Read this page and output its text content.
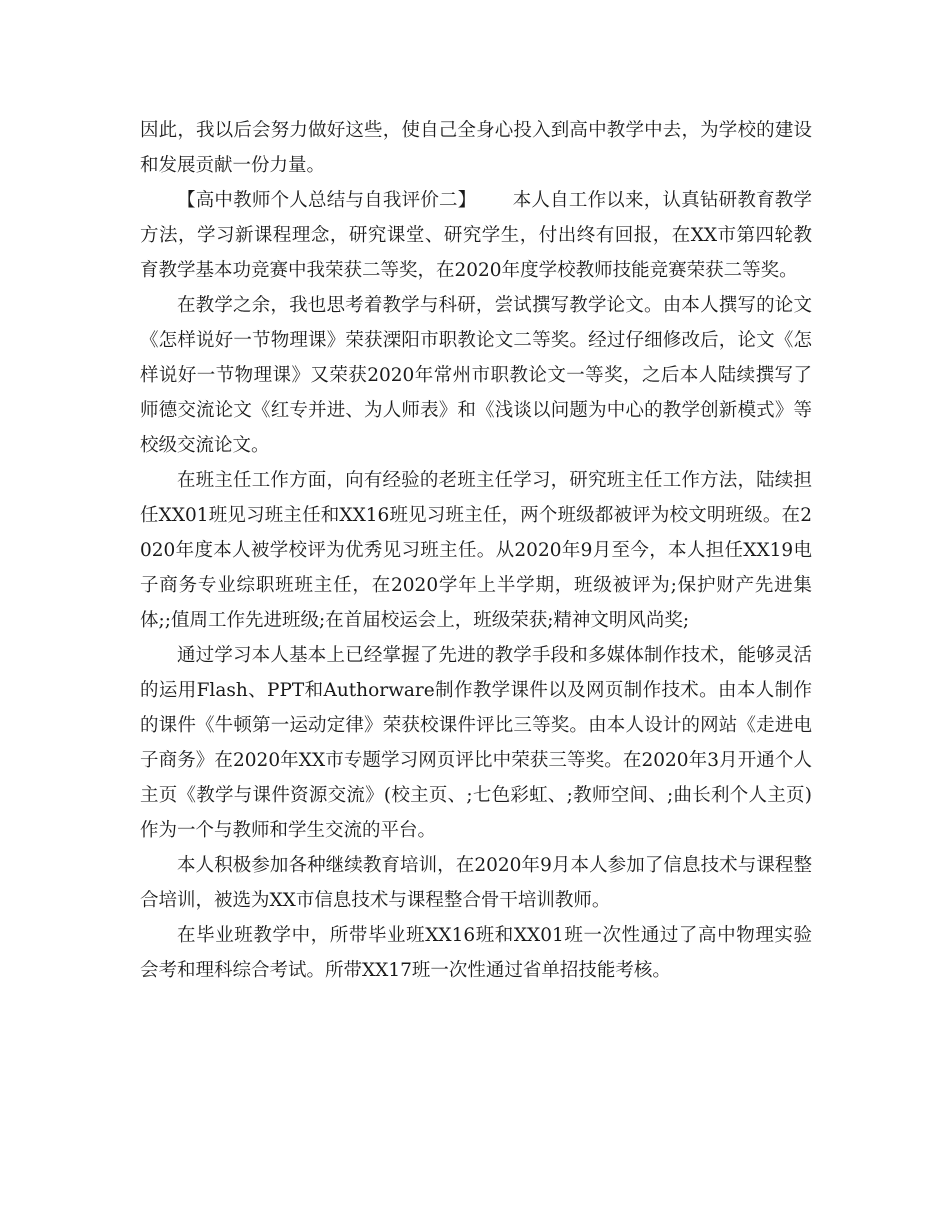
因此，我以后会努力做好这些，使自己全身心投入到高中教学中去，为学校的建设和发展贡献一份力量。

【高中教师个人总结与自我评价二】 本人自工作以来，认真钻研教育教学方法，学习新课程理念，研究课堂、研究学生，付出终有回报，在XX市第四轮教育教学基本功竞赛中我荣获二等奖，在2020年度学校教师技能竞赛荣获二等奖。

在教学之余，我也思考着教学与科研，尝试撰写教学论文。由本人撰写的论文《怎样说好一节物理课》荣获溧阳市职教论文二等奖。经过仔细修改后，论文《怎样说好一节物理课》又荣获2020年常州市职教论文一等奖，之后本人陆续撰写了师德交流论文《红专并进、为人师表》和《浅谈以问题为中心的教学创新模式》等校级交流论文。

在班主任工作方面，向有经验的老班主任学习，研究班主任工作方法，陆续担任XX01班见习班主任和XX16班见习班主任，两个班级都被评为校文明班级。在2020年度本人被学校评为优秀见习班主任。从2020年9月至今，本人担任XX19电子商务专业综职班班主任，在2020学年上半学期，班级被评为;保护财产先进集体;;值周工作先进班级;在首届校运会上，班级荣获;精神文明风尚奖;

通过学习本人基本上已经掌握了先进的教学手段和多媒体制作技术，能够灵活的运用Flash、PPT和Authorware制作教学课件以及网页制作技术。由本人制作的课件《牛顿第一运动定律》荣获校课件评比三等奖。由本人设计的网站《走进电子商务》在2020年XX市专题学习网页评比中荣获三等奖。在2020年3月开通个人主页《教学与课件资源交流》(校主页、;七色彩虹、;教师空间、;曲长利个人主页)作为一个与教师和学生交流的平台。

本人积极参加各种继续教育培训，在2020年9月本人参加了信息技术与课程整合培训，被选为XX市信息技术与课程整合骨干培训教师。

在毕业班教学中，所带毕业班XX16班和XX01班一次性通过了高中物理实验会考和理科综合考试。所带XX17班一次性通过省单招技能考核。
